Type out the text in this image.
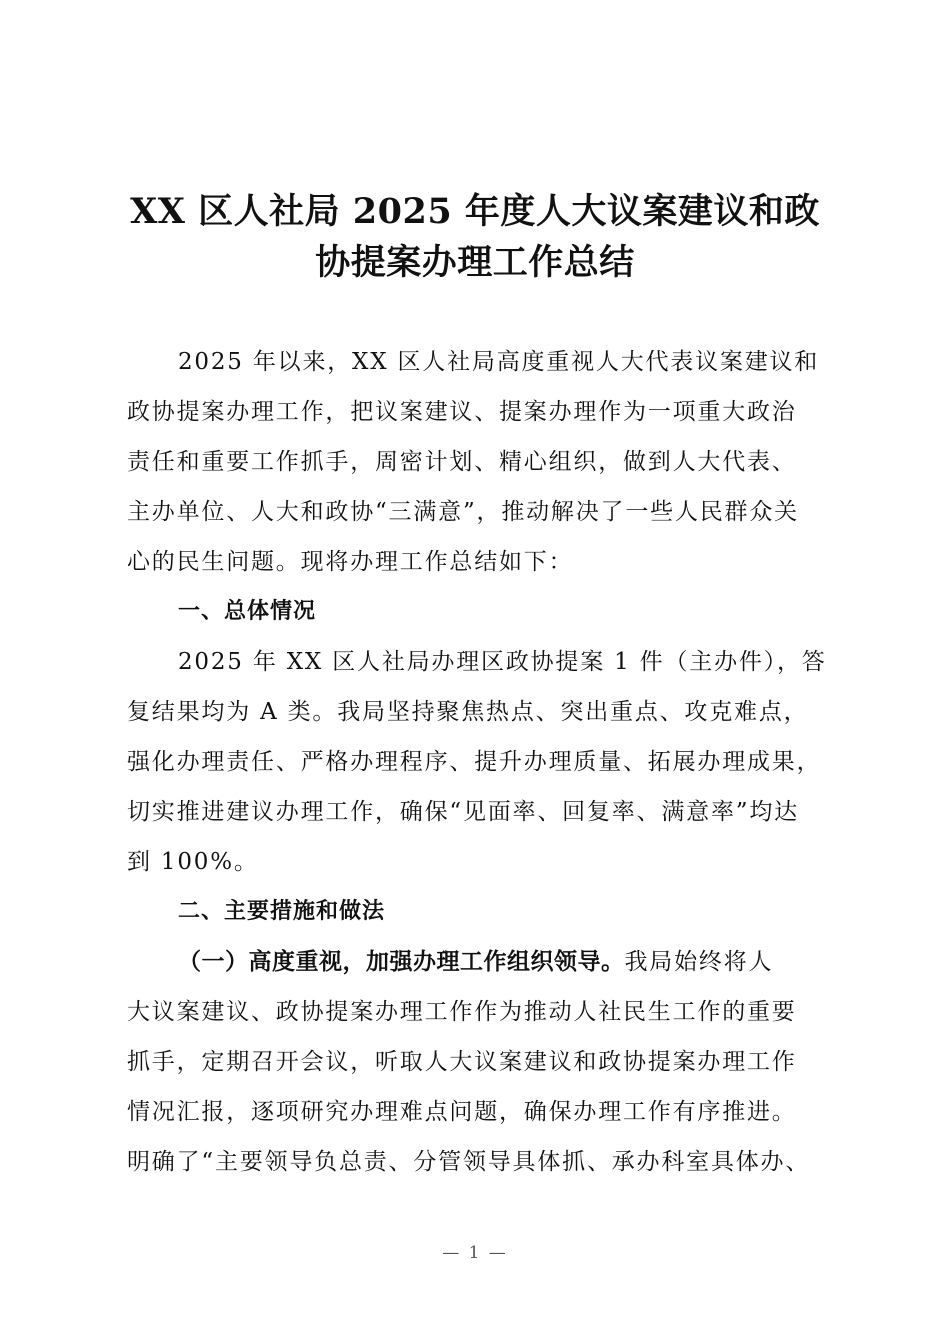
XX 区人社局 2025 年度人大议案建议和政
协提案办理工作总结
2025 年以来，XX 区人社局高度重视人大代表议案建议和
政协提案办理工作，把议案建议、提案办理作为一项重大政治
责任和重要工作抓手，周密计划、精心组织，做到人大代表、
主办单位、人大和政协“三满意”，推动解决了一些人民群众关
心的民生问题。现将办理工作总结如下：
一、总体情况
2025 年 XX 区人社局办理区政协提案 1 件（主办件），答
复结果均为 A 类。我局坚持聚焦热点、突出重点、攻克难点，
强化办理责任、严格办理程序、提升办理质量、拓展办理成果，
切实推进建议办理工作，确保“见面率、回复率、满意率”均达
到 100%。
二、主要措施和做法
（一）高度重视，加强办理工作组织领导。我局始终将人
大议案建议、政协提案办理工作作为推动人社民生工作的重要
抓手，定期召开会议，听取人大议案建议和政协提案办理工作
情况汇报，逐项研究办理难点问题，确保办理工作有序推进。
明确了“主要领导负总责、分管领导具体抓、承办科室具体办、
— 1 —
